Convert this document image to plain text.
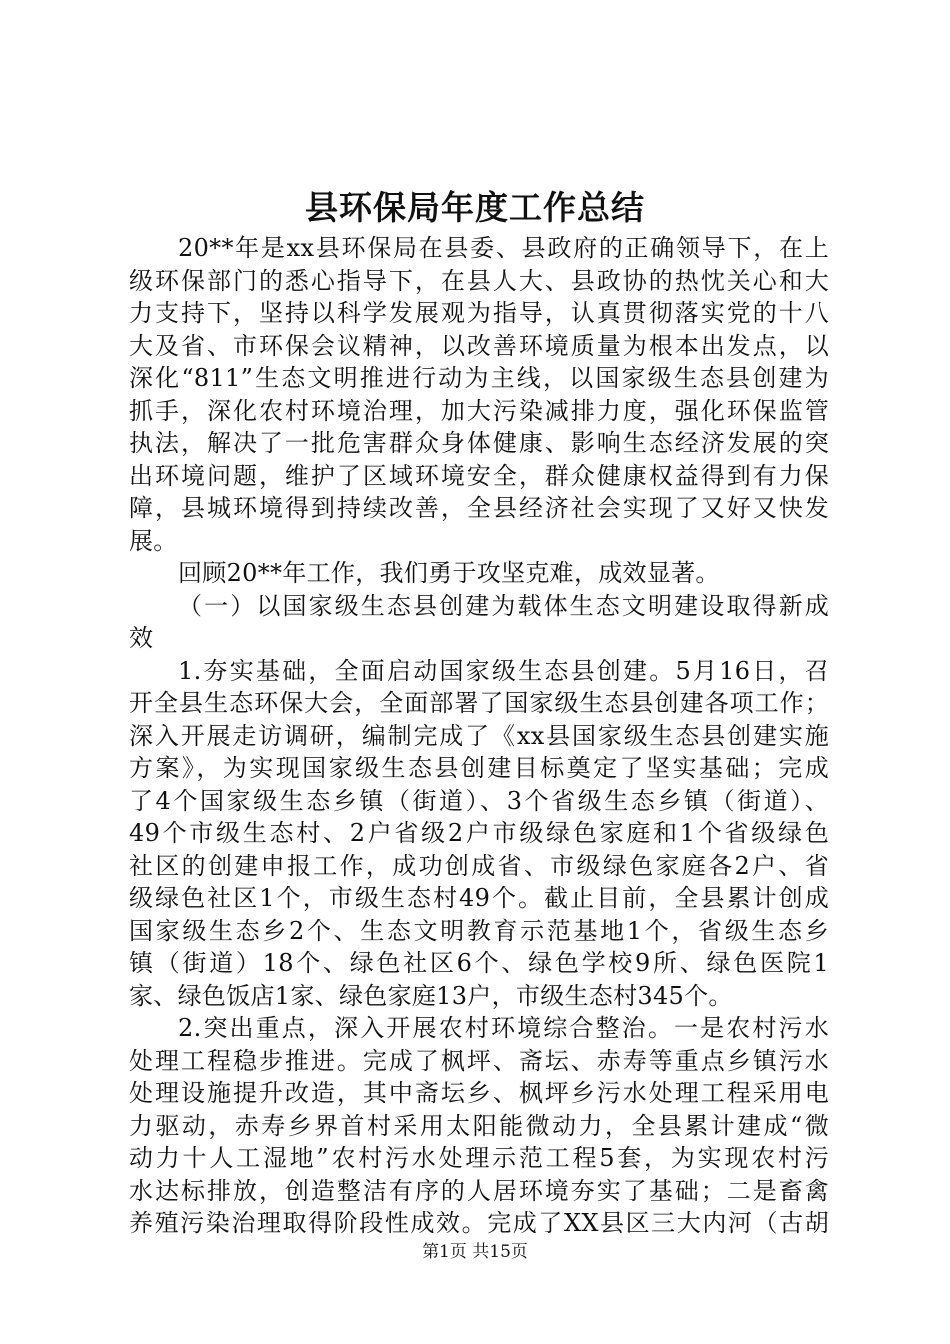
县环保局年度工作总结
20**年是xx县环保局在县委、县政府的正确领导下，在上
级环保部门的悉心指导下，在县人大、县政协的热忱关心和大
力支持下，坚持以科学发展观为指导，认真贯彻落实党的十八
大及省、市环保会议精神，以改善环境质量为根本出发点，以
深化“811”生态文明推进行动为主线，以国家级生态县创建为
抓手，深化农村环境治理，加大污染减排力度，强化环保监管
执法，解决了一批危害群众身体健康、影响生态经济发展的突
出环境问题，维护了区域环境安全，群众健康权益得到有力保
障，县城环境得到持续改善，全县经济社会实现了又好又快发
展。
回顾20**年工作，我们勇于攻坚克难，成效显著。
（一）以国家级生态县创建为载体生态文明建设取得新成
效
1.夯实基础，全面启动国家级生态县创建。5月16日，召
开全县生态环保大会，全面部署了国家级生态县创建各项工作；
深入开展走访调研，编制完成了《xx县国家级生态县创建实施
方案》，为实现国家级生态县创建目标奠定了坚实基础；完成
了4个国家级生态乡镇（街道）、3个省级生态乡镇（街道）、
49个市级生态村、2户省级2户市级绿色家庭和1个省级绿色
社区的创建申报工作，成功创成省、市级绿色家庭各2户、省
级绿色社区1个，市级生态村49个。截止目前，全县累计创成
国家级生态乡2个、生态文明教育示范基地1个，省级生态乡
镇（街道）18个、绿色社区6个、绿色学校9所、绿色医院1
家、绿色饭店1家、绿色家庭13户，市级生态村345个。
2.突出重点，深入开展农村环境综合整治。一是农村污水
处理工程稳步推进。完成了枫坪、斋坛、赤寿等重点乡镇污水
处理设施提升改造，其中斋坛乡、枫坪乡污水处理工程采用电
力驱动，赤寿乡界首村采用太阳能微动力，全县累计建成“微
动力十人工湿地”农村污水处理示范工程5套，为实现农村污
水达标排放，创造整洁有序的人居环境夯实了基础；二是畜禽
养殖污染治理取得阶段性成效。完成了XX县区三大内河（古胡
第1页 共15页
